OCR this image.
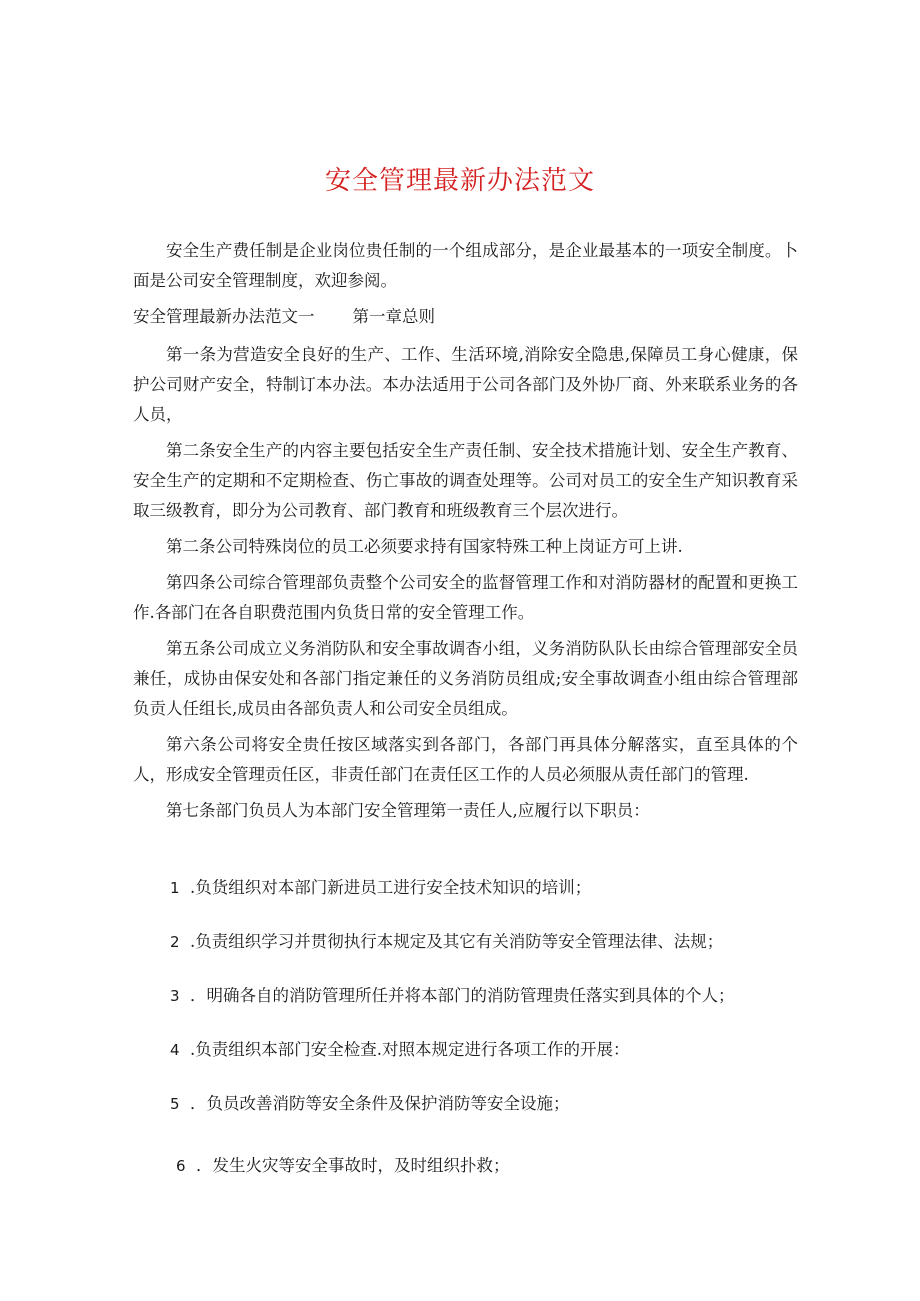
安全管理最新办法范文

安全生产费任制是企业岗位贵任制的一个组成部分，是企业最基本的一项安全制度。卜面是公司安全管理制度，欢迎参阅。

安全管理最新办法范文一 第一章总则

第一条为营造安全良好的生产、工作、生活环境,消除安全隐患,保障员工身心健康，保护公司财产安全，特制订本办法。本办法适用于公司各部门及外协厂商、外来联系业务的各人员，

第二条安全生产的内容主要包括安全生产责任制、安全技术措施计划、安全生产教育、安全生产的定期和不定期检查、伤亡事故的调查处理等。公司对员工的安全生产知识教育采取三级教育，即分为公司教育、部门教育和班级教育三个层次进行。

第二条公司特殊岗位的员工必须要求持有国家特殊工种上岗证方可上讲.

第四条公司综合管理部负责整个公司安全的监督管理工作和对消防器材的配置和更换工作.各部门在各自职费范围内负货日常的安全管理工作。

第五条公司成立义务消防队和安全事故调杳小组，义务消防队队长由综合管理部安全员兼任，成协由保安处和各部门指定兼任的义务消防员组成;安全事故调查小组由综合管理部负贡人任组长,成员由各部负责人和公司安全员组成。

第六条公司将安全贵任按区域落实到各部门，各部门再具体分解落实，直至具体的个人，形成安全管理贡任区，非责任部门在责任区工作的人员必须服从责任部门的管理.

第七条部门负员人为本部门安全管理第一责任人,应履行以下职员：

1 .负货组织对本部门新进员工进行安全技术知识的培训；
2 .负责组织学习并贯彻执行本规定及其它有关消防等安全管理法律、法规；
3 ．明确各自的消防管理所任并将本部门的消防管理贵任落实到具体的个人；
4 .负责组织本部门安全检查.对照本规定进行各项工作的开展：
5 ．负员改善消防等安全条件及保护消防等安全设施；
6 ．发生火灾等安全事故时，及时组织扑救；
